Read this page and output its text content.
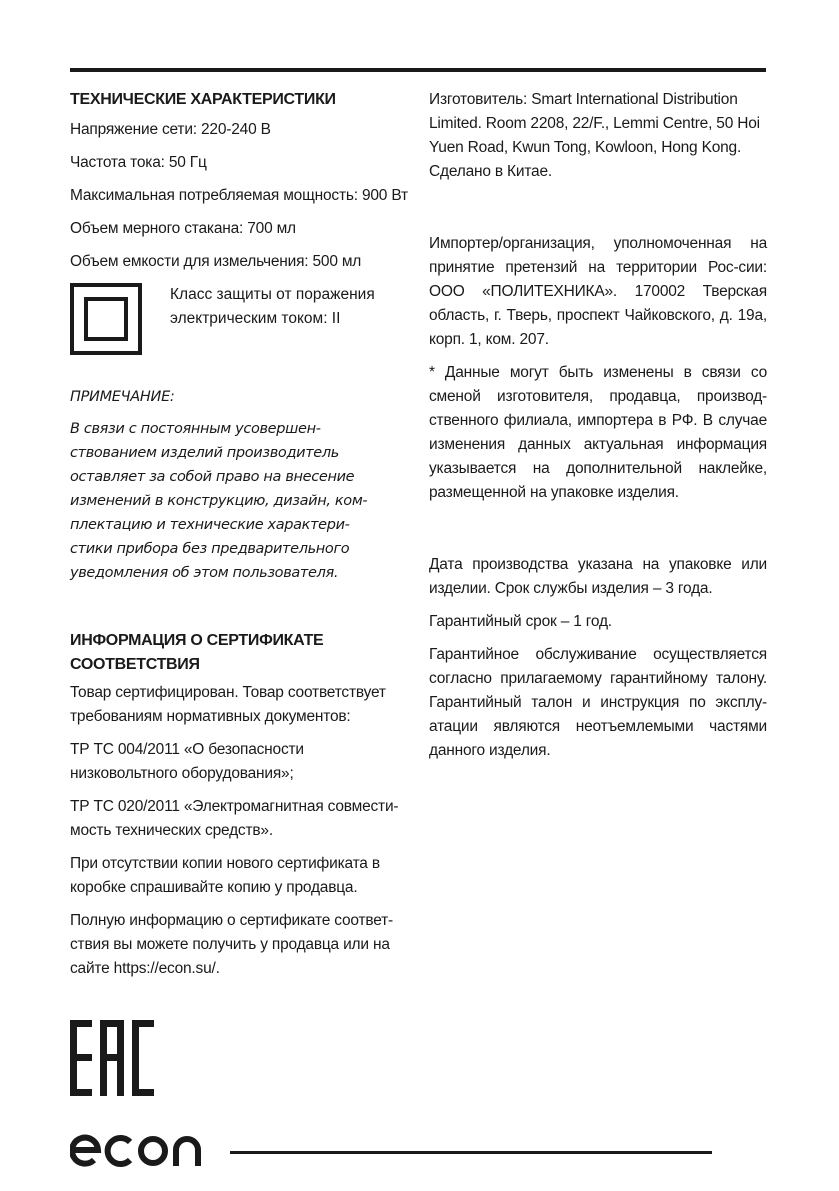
ТЕХНИЧЕСКИЕ ХАРАКТЕРИСТИКИ

Напряжение сети: 220-240 В

Частота тока: 50 Гц

Максимальная потребляемая мощность: 900 Вт

Объем мерного стакана: 700 мл

Объем емкости для измельчения: 500 мл

Класс защиты от поражения
электрическим током: II
ПРИМЕЧАНИЕ:
В связи с постоянным усовершен-
ствованием изделий производитель
оставляет за собой право на внесение
изменений в конструкцию, дизайн, ком-
плектацию и технические характери-
стики прибора без предварительного
уведомления об этом пользователя.
ИНФОРМАЦИЯ О СЕРТИФИКАТЕ
СООТВЕТСТВИЯ

Товар сертифицирован. Товар соответствует требованиям нормативных документов:

ТР ТС 004/2011 «О безопасности низковольтного оборудования»;

ТР ТС 020/2011 «Электромагнитная совмести-мость технических средств».

При отсутствии копии нового сертификата в коробке спрашивайте копию у продавца.

Полную информацию о сертификате соответ-ствия вы можете получить у продавца или на сайте https://econ.su/.

Изготовитель: Smart International Distribution Limited. Room 2208, 22/F., Lemmi Centre, 50 Hoi Yuen Road, Kwun Tong, Kowloon, Hong Kong. Сделано в Китае.

Импортер/организация, уполномоченная на принятие претензий на территории Рос-сии: ООО «ПОЛИТЕХНИКА». 170002 Тверская область, г. Тверь, проспект Чайковского, д. 19а, корп. 1, ком. 207.

* Данные могут быть изменены в связи со сменой изготовителя, продавца, производ-ственного филиала, импортера в РФ. В случае изменения данных актуальная информация указывается на дополнительной наклейке, размещенной на упаковке изделия.

Дата производства указана на упаковке или изделии. Срок службы изделия – 3 года.

Гарантийный срок – 1 год.

Гарантийное обслуживание осуществляется согласно прилагаемому гарантийному талону. Гарантийный талон и инструкция по эксплу-атации являются неотъемлемыми частями данного изделия.
